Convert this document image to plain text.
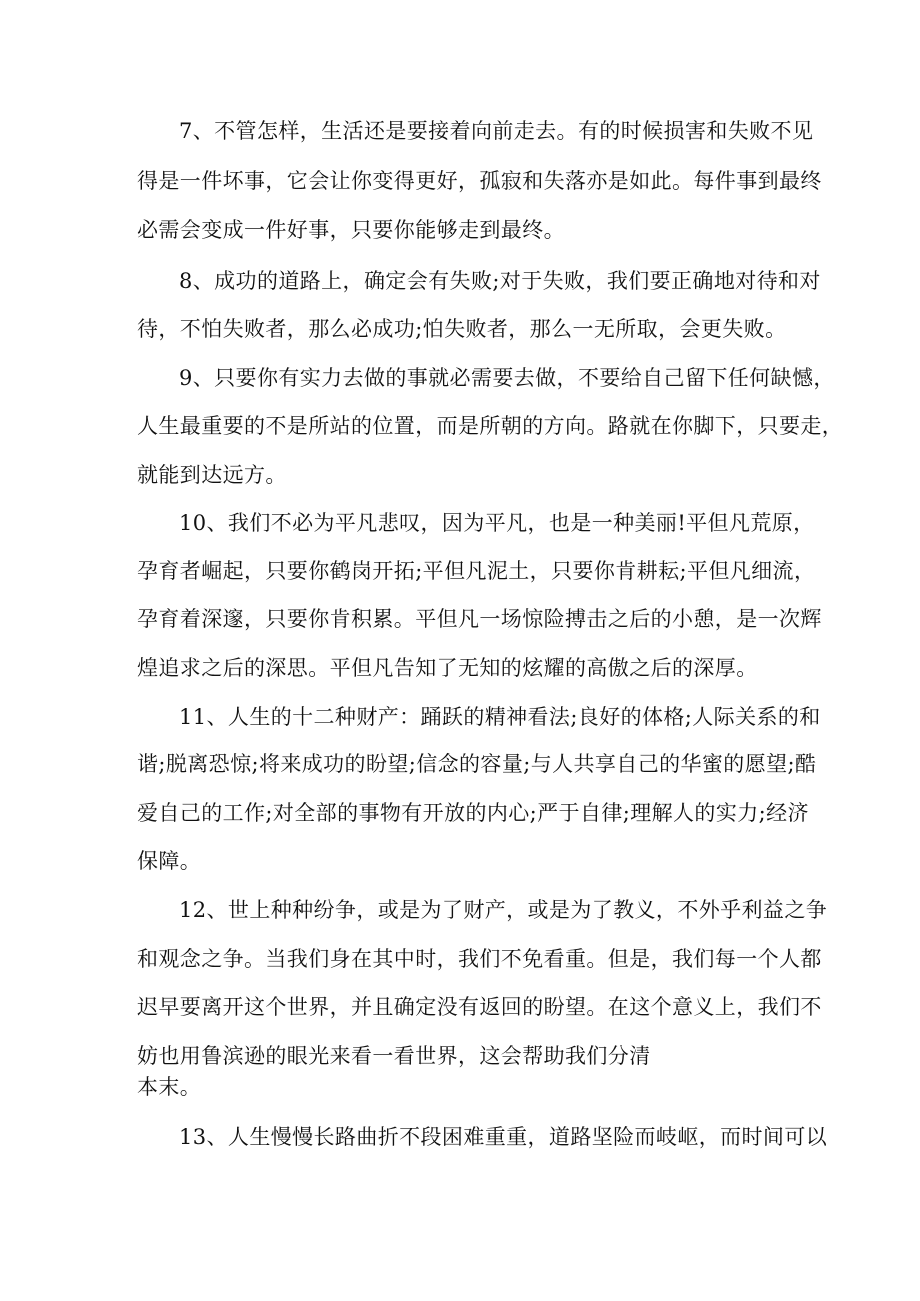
7、不管怎样，生活还是要接着向前走去。有的时候损害和失败不见
得是一件坏事，它会让你变得更好，孤寂和失落亦是如此。每件事到最终
必需会变成一件好事，只要你能够走到最终。
8、成功的道路上，确定会有失败;对于失败，我们要正确地对待和对
待，不怕失败者，那么必成功;怕失败者，那么一无所取，会更失败。
9、只要你有实力去做的事就必需要去做，不要给自己留下任何缺憾，
人生最重要的不是所站的位置，而是所朝的方向。路就在你脚下，只要走，
就能到达远方。
10、我们不必为平凡悲叹，因为平凡，也是一种美丽!平但凡荒原，
孕育者崛起，只要你鹤岗开拓;平但凡泥土，只要你肯耕耘;平但凡细流，
孕育着深邃，只要你肯积累。平但凡一场惊险搏击之后的小憩，是一次辉
煌追求之后的深思。平但凡告知了无知的炫耀的高傲之后的深厚。
11、人生的十二种财产：踊跃的精神看法;良好的体格;人际关系的和
谐;脱离恐惊;将来成功的盼望;信念的容量;与人共享自己的华蜜的愿望;酷
爱自己的工作;对全部的事物有开放的内心;严于自律;理解人的实力;经济
保障。
12、世上种种纷争，或是为了财产，或是为了教义，不外乎利益之争
和观念之争。当我们身在其中时，我们不免看重。但是，我们每一个人都
迟早要离开这个世界，并且确定没有返回的盼望。在这个意义上，我们不
妨也用鲁滨逊的眼光来看一看世界，这会帮助我们分清
本末。
13、人生慢慢长路曲折不段困难重重，道路坚险而岐岖，而时间可以
